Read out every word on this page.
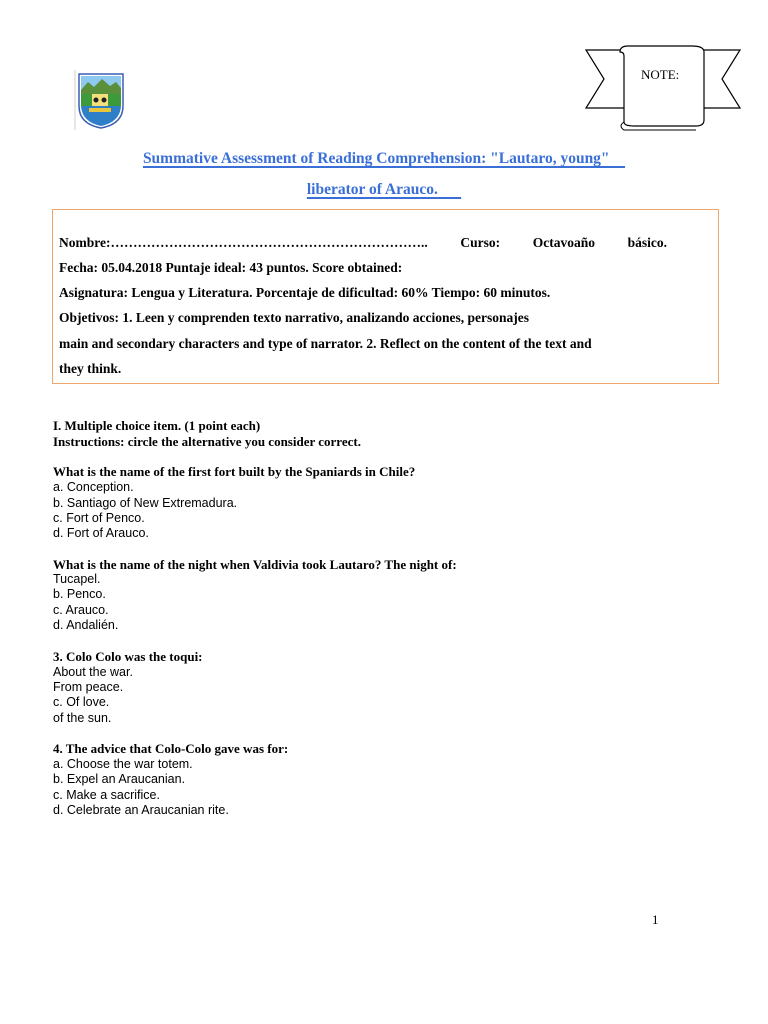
NOTE:
Summative Assessment of Reading Comprehension: "Lautaro, young"
liberator of Arauco.
Nombre:…………………………………………………………….. Curso: Octavoaño básico.
Fecha: 05.04.2018 Puntaje ideal: 43 puntos. Score obtained:
Asignatura: Lengua y Literatura. Porcentaje de dificultad: 60% Tiempo: 60 minutos.
Objetivos: 1. Leen y comprenden texto narrativo, analizando acciones, personajes
main and secondary characters and type of narrator. 2. Reflect on the content of the text and
they think.
I. Multiple choice item. (1 point each)
Instructions: circle the alternative you consider correct.
What is the name of the first fort built by the Spaniards in Chile?
a. Conception.
b. Santiago of New Extremadura.
c. Fort of Penco.
d. Fort of Arauco.
What is the name of the night when Valdivia took Lautaro? The night of:
Tucapel.
b. Penco.
c. Arauco.
d. Andalién.
3. Colo Colo was the toqui:
About the war.
From peace.
c. Of love.
of the sun.
4. The advice that Colo-Colo gave was for:
a. Choose the war totem.
b. Expel an Araucanian.
c. Make a sacrifice.
d. Celebrate an Araucanian rite.
1
